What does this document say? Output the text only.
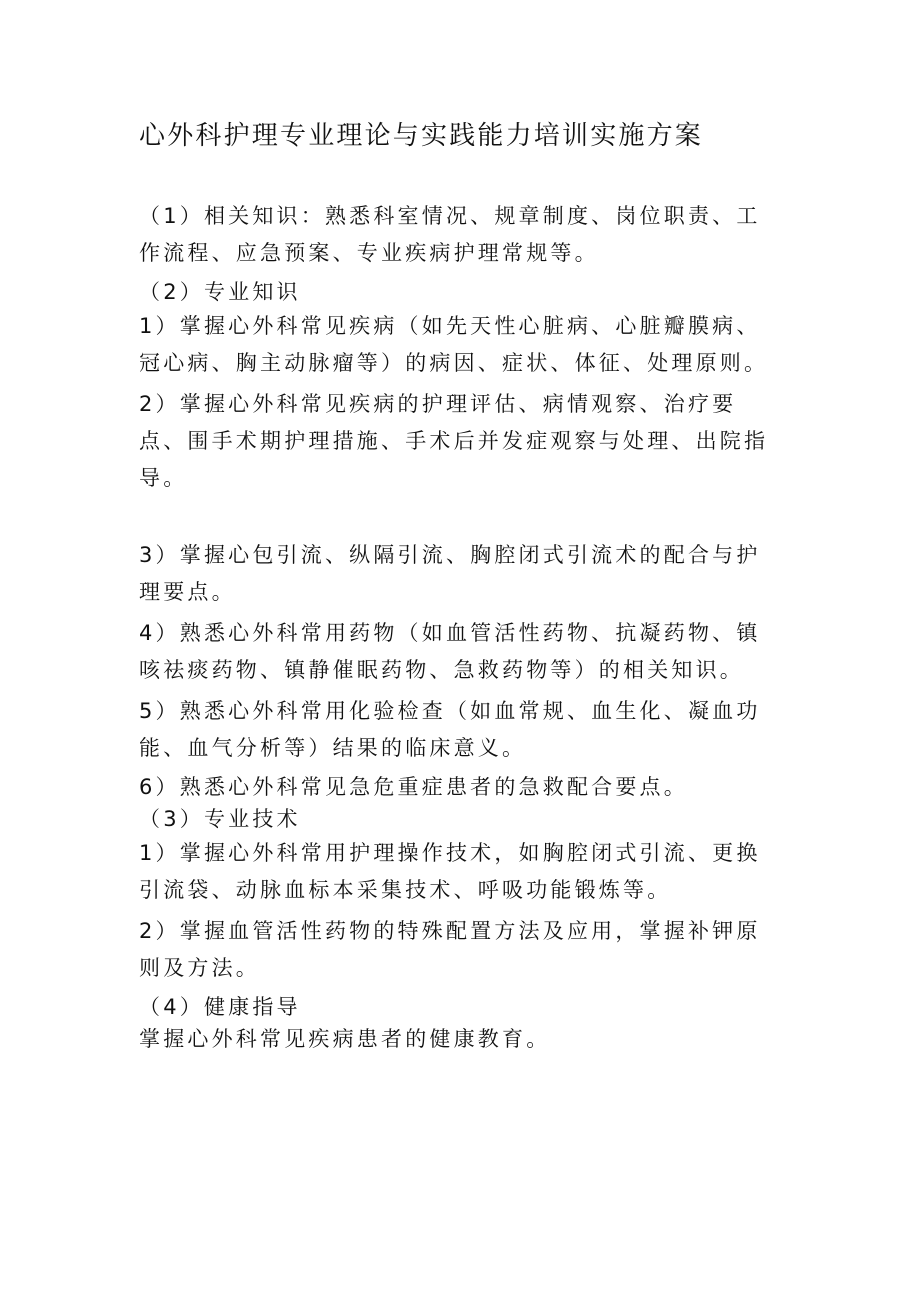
心外科护理专业理论与实践能力培训实施方案

（1）相关知识：熟悉科室情况、规章制度、岗位职责、工
作流程、应急预案、专业疾病护理常规等。

（2）专业知识

1）掌握心外科常见疾病（如先天性心脏病、心脏瓣膜病、
冠心病、胸主动脉瘤等）的病因、症状、体征、处理原则。

2）掌握心外科常见疾病的护理评估、病情观察、治疗要
点、围手术期护理措施、手术后并发症观察与处理、出院指
导。

3）掌握心包引流、纵隔引流、胸腔闭式引流术的配合与护
理要点。

4）熟悉心外科常用药物（如血管活性药物、抗凝药物、镇
咳祛痰药物、镇静催眠药物、急救药物等）的相关知识。

5）熟悉心外科常用化验检查（如血常规、血生化、凝血功
能、血气分析等）结果的临床意义。

6）熟悉心外科常见急危重症患者的急救配合要点。

（3）专业技术

1）掌握心外科常用护理操作技术，如胸腔闭式引流、更换
引流袋、动脉血标本采集技术、呼吸功能锻炼等。

2）掌握血管活性药物的特殊配置方法及应用，掌握补钾原
则及方法。

（4）健康指导

掌握心外科常见疾病患者的健康教育。
